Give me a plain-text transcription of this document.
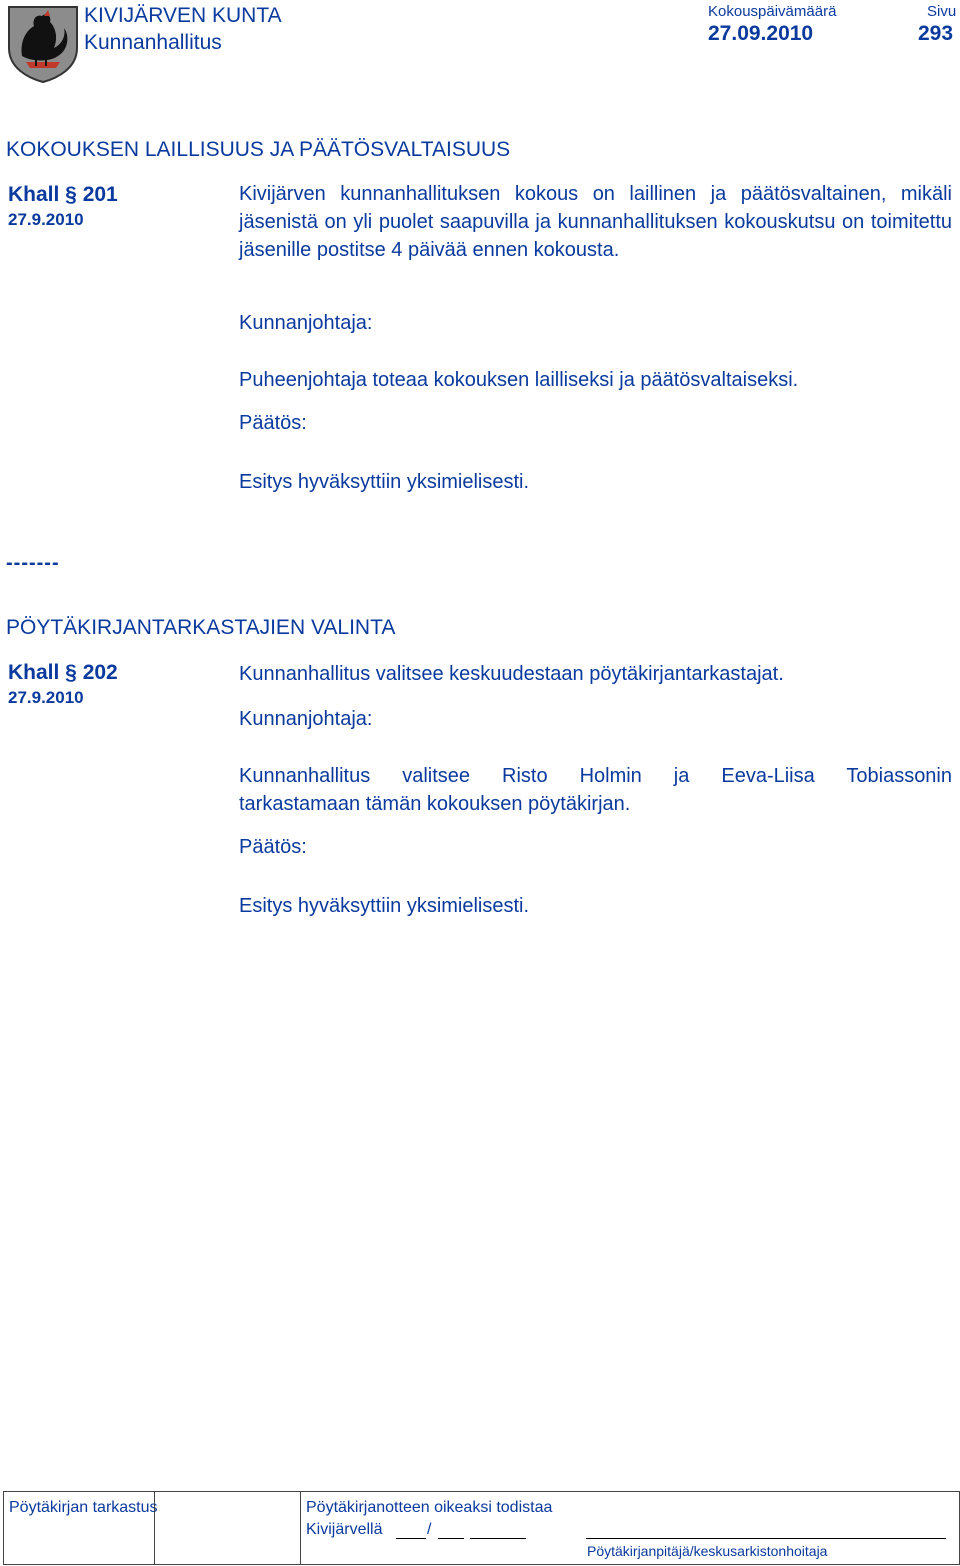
KIVIJÄRVEN KUNTA
Kunnanhallitus
Kokouspäivämäärä
27.09.2010
Sivu
293
KOKOUKSEN LAILLISUUS JA PÄÄTÖSVALTAISUUS
Khall § 201
27.9.2010
Kivijärven kunnanhallituksen kokous on laillinen ja päätösvaltainen, mikäli jäsenistä on yli puolet saapuvilla ja kunnanhallituksen kokouskutsu on toimitettu jäsenille postitse 4 päivää ennen kokousta.
Kunnanjohtaja:
Puheenjohtaja toteaa kokouksen lailliseksi ja päätösvaltaiseksi.
Päätös:
Esitys hyväksyttiin yksimielisesti.
-------
PÖYTÄKIRJANTARKASTAJIEN VALINTA
Khall § 202
27.9.2010
Kunnanhallitus valitsee keskuudestaan pöytäkirjantarkastajat.
Kunnanjohtaja:
Kunnanhallitus valitsee Risto Holmin ja Eeva-Liisa Tobiassonin
tarkastamaan tämän kokouksen pöytäkirjan.
Päätös:
Esitys hyväksyttiin yksimielisesti.
Pöytäkirjan tarkastus	Pöytäkirjanotteen oikeaksi todistaa
Kivijärvellä	/
Pöytäkirjanpitäjä/keskusarkistonhoitaja
